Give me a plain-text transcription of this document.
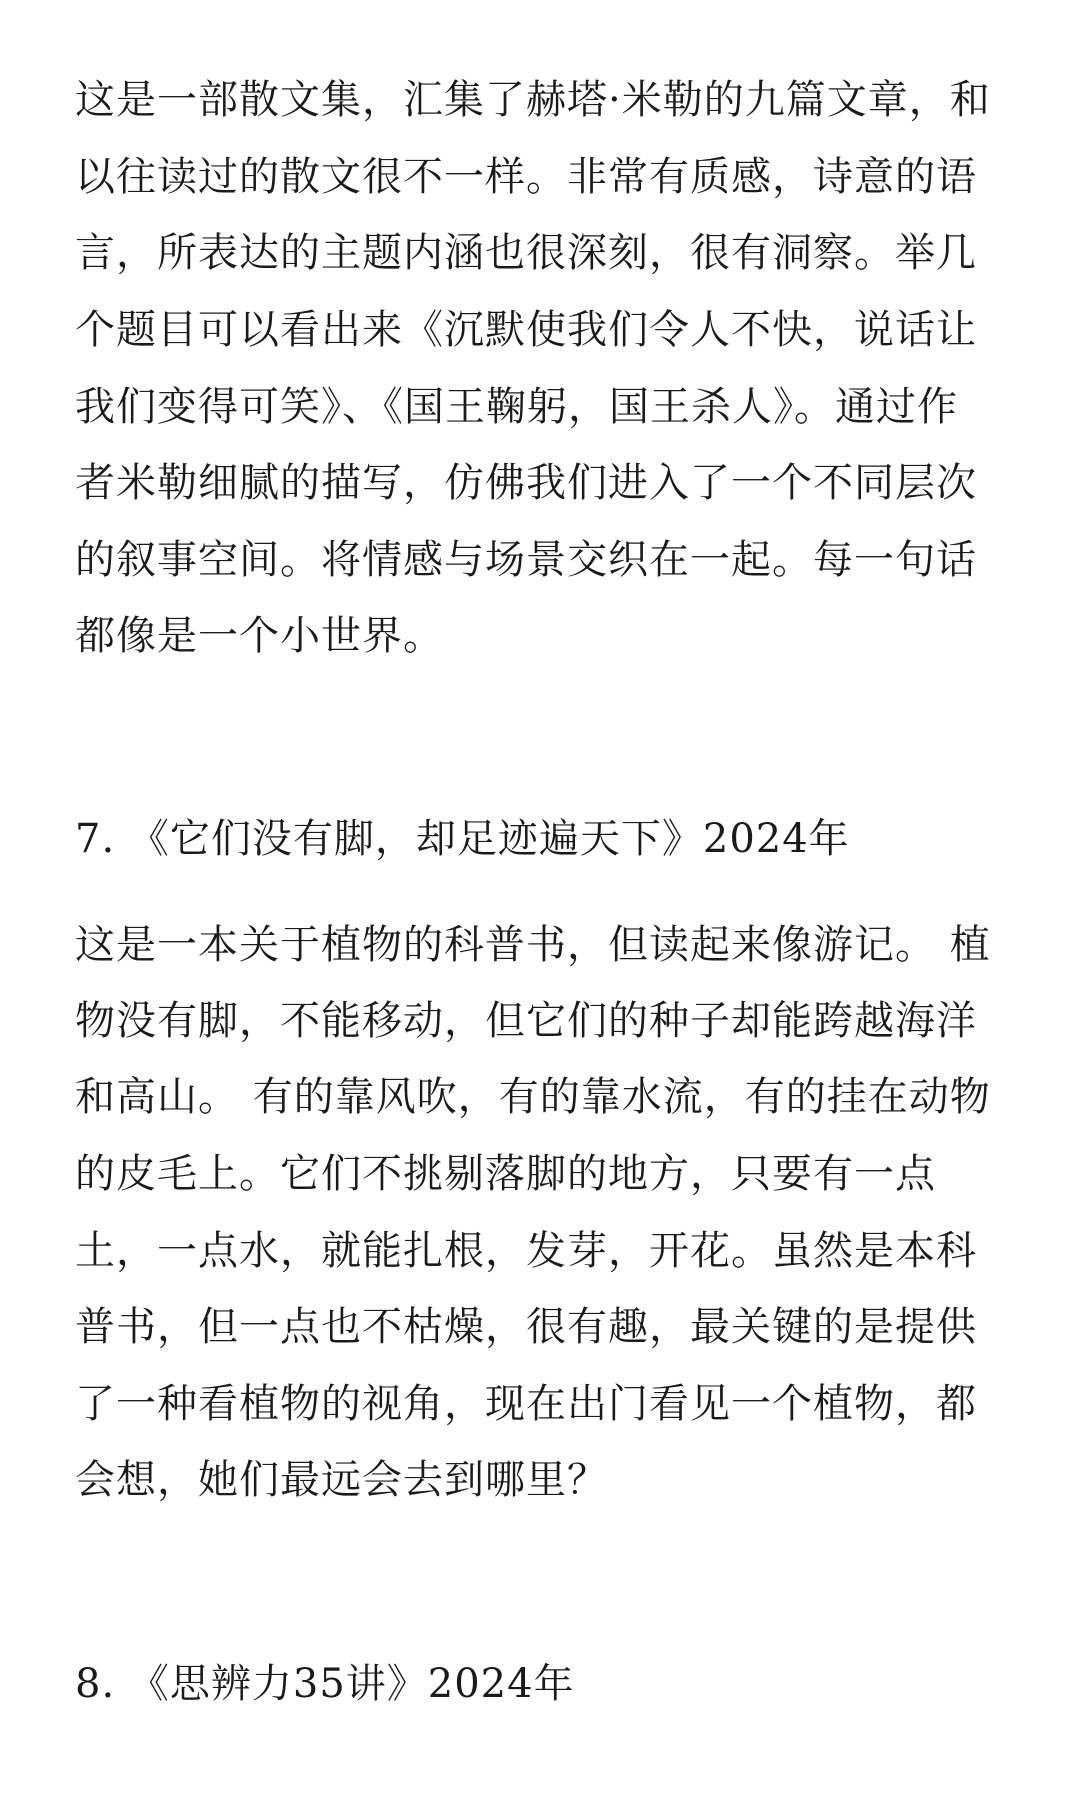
这是一部散文集，汇集了赫塔·米勒的九篇文章，和
以往读过的散文很不一样。非常有质感，诗意的语
言，所表达的主题内涵也很深刻，很有洞察。举几
个题目可以看出来《沉默使我们令人不快，说话让
我们变得可笑》、《国王鞠躬，国王杀人》。通过作
者米勒细腻的描写，仿佛我们进入了一个不同层次
的叙事空间。将情感与场景交织在一起。每一句话
都像是一个小世界。
7. 《它们没有脚，却足迹遍天下》2024年
这是一本关于植物的科普书，但读起来像游记。 植
物没有脚，不能移动，但它们的种子却能跨越海洋
和高山。 有的靠风吹，有的靠水流，有的挂在动物
的皮毛上。它们不挑剔落脚的地方，只要有一点
土，一点水，就能扎根，发芽，开花。虽然是本科
普书，但一点也不枯燥，很有趣，最关键的是提供
了一种看植物的视角，现在出门看见一个植物，都
会想，她们最远会去到哪里？
8. 《思辨力35讲》2024年
